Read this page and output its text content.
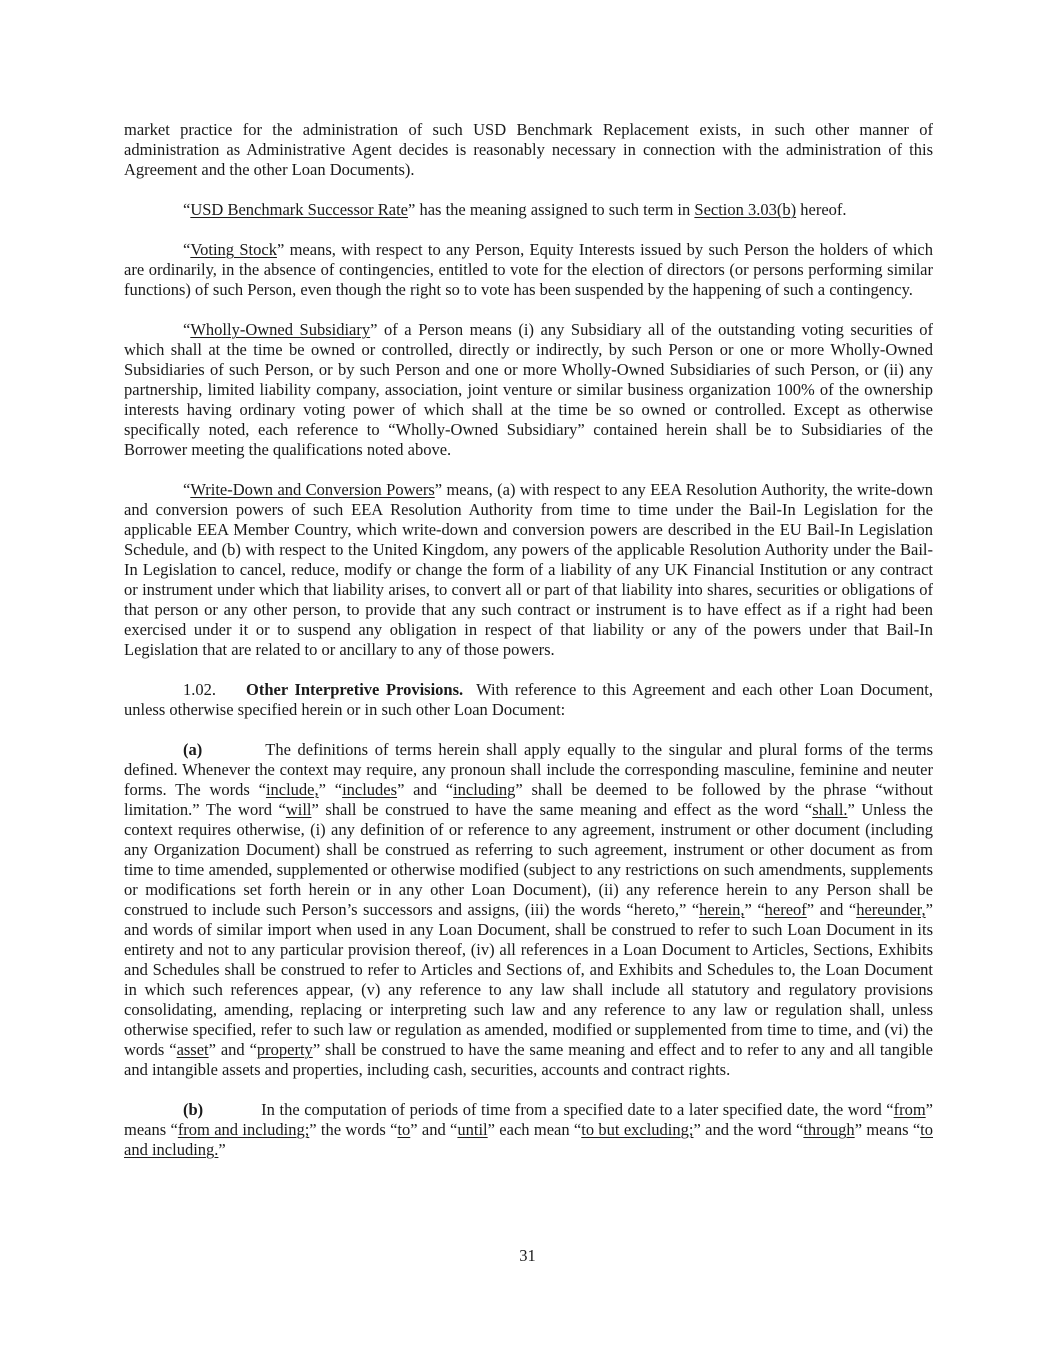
market practice for the administration of such USD Benchmark Replacement exists, in such other manner of administration as Administrative Agent decides is reasonably necessary in connection with the administration of this Agreement and the other Loan Documents).

“USD Benchmark Successor Rate” has the meaning assigned to such term in Section 3.03(b) hereof.

“Voting Stock” means, with respect to any Person, Equity Interests issued by such Person the holders of which are ordinarily, in the absence of contingencies, entitled to vote for the election of directors (or persons performing similar functions) of such Person, even though the right so to vote has been suspended by the happening of such a contingency.

“Wholly-Owned Subsidiary” of a Person means (i) any Subsidiary all of the outstanding voting securities of which shall at the time be owned or controlled, directly or indirectly, by such Person or one or more Wholly-Owned Subsidiaries of such Person, or by such Person and one or more Wholly-Owned Subsidiaries of such Person, or (ii) any partnership, limited liability company, association, joint venture or similar business organization 100% of the ownership interests having ordinary voting power of which shall at the time be so owned or controlled. Except as otherwise specifically noted, each reference to “Wholly-Owned Subsidiary” contained herein shall be to Subsidiaries of the Borrower meeting the qualifications noted above.

“Write-Down and Conversion Powers” means, (a) with respect to any EEA Resolution Authority, the write-down and conversion powers of such EEA Resolution Authority from time to time under the Bail-In Legislation for the applicable EEA Member Country, which write-down and conversion powers are described in the EU Bail-In Legislation Schedule, and (b) with respect to the United Kingdom, any powers of the applicable Resolution Authority under the Bail-In Legislation to cancel, reduce, modify or change the form of a liability of any UK Financial Institution or any contract or instrument under which that liability arises, to convert all or part of that liability into shares, securities or obligations of that person or any other person, to provide that any such contract or instrument is to have effect as if a right had been exercised under it or to suspend any obligation in respect of that liability or any of the powers under that Bail-In Legislation that are related to or ancillary to any of those powers.

1.02. Other Interpretive Provisions.  With reference to this Agreement and each other Loan Document, unless otherwise specified herein or in such other Loan Document:

(a)	The definitions of terms herein shall apply equally to the singular and plural forms of the terms defined. Whenever the context may require, any pronoun shall include the corresponding masculine, feminine and neuter forms. The words “include,” “includes” and “including” shall be deemed to be followed by the phrase “without limitation.” The word “will” shall be construed to have the same meaning and effect as the word “shall.” Unless the context requires otherwise, (i) any definition of or reference to any agreement, instrument or other document (including any Organization Document) shall be construed as referring to such agreement, instrument or other document as from time to time amended, supplemented or otherwise modified (subject to any restrictions on such amendments, supplements or modifications set forth herein or in any other Loan Document), (ii) any reference herein to any Person shall be construed to include such Person’s successors and assigns, (iii) the words “hereto,” “herein,” “hereof” and “hereunder,” and words of similar import when used in any Loan Document, shall be construed to refer to such Loan Document in its entirety and not to any particular provision thereof, (iv) all references in a Loan Document to Articles, Sections, Exhibits and Schedules shall be construed to refer to Articles and Sections of, and Exhibits and Schedules to, the Loan Document in which such references appear, (v) any reference to any law shall include all statutory and regulatory provisions consolidating, amending, replacing or interpreting such law and any reference to any law or regulation shall, unless otherwise specified, refer to such law or regulation as amended, modified or supplemented from time to time, and (vi) the words “asset” and “property” shall be construed to have the same meaning and effect and to refer to any and all tangible and intangible assets and properties, including cash, securities, accounts and contract rights.

(b)	In the computation of periods of time from a specified date to a later specified date, the word “from” means “from and including;” the words “to” and “until” each mean “to but excluding;” and the word “through” means “to and including.”

31
